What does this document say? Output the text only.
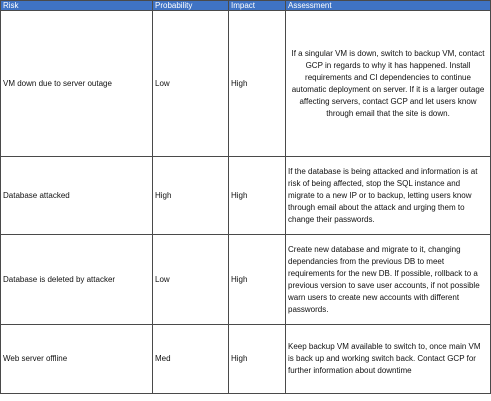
Risk	Probability	Impact	Assessment
VM down due to server outage	Low	High	If a singular VM is down, switch to backup VM, contact GCP in regards to why it has happened. Install requirements and CI dependencies to continue automatic deployment on server. If it is a larger outage affecting servers, contact GCP and let users know through email that the site is down.
Database attacked	High	High	If the database is being attacked and information is at risk of being affected, stop the SQL instance and migrate to a new IP or to backup, letting users know through email about the attack and urging them to change their passwords.
Database is deleted by attacker	Low	High	Create new database and migrate to it, changing dependancies from the previous DB to meet requirements for the new DB. If possible, rollback to a previous version to save user accounts, if not possible warn users to create new accounts with different passwords.
Web server offline	Med	High	Keep backup VM available to switch to, once main VM is back up and working switch back. Contact GCP for further information about downtime
